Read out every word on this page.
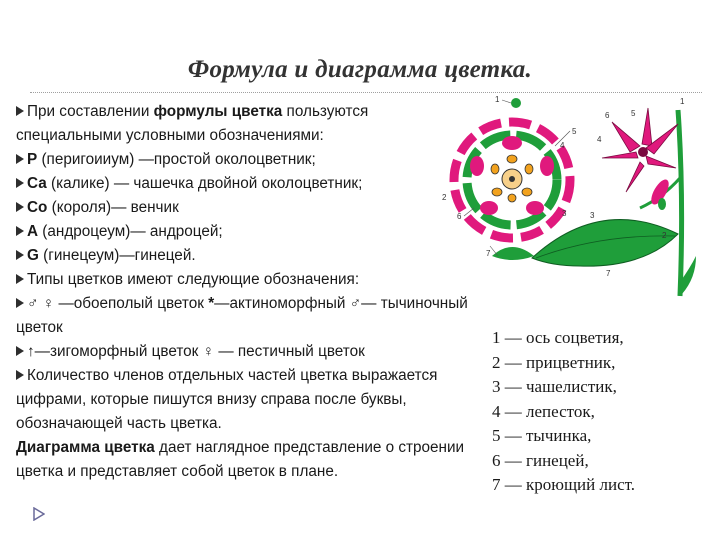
Формула и диаграмма цветка.

При составлении формулы цветка пользуются специальными условными обозначениями:

P (перигоииум) —простой околоцветник;

Са (калике) — чашечка двойной околоцветник;

Со (короля)— венчик

A (андроцеум)— андроцей;

G (гинецеум)—гинецей.

Типы цветков имеют следующие обозначения:

♂ ♀ —обоеполый цветок *—актиноморфный ♂— тычиночный цветок

↑—зигоморфный цветок ♀ — пестичный цветок

Количество членов отдельных частей цветка выражается цифрами, которые пишутся внизу справа после буквы, обозначающей часть цветка.

Диаграмма цветка дает наглядное представление о строении цветка и представляет собой цветок в плане.

1
5
4
2
6	3
7
6	5
1
4
3
2
7
1 — ось соцветия,
2 — прицветник,
3 — чашелистик,
4 — лепесток,
5 — тычинка,
6 — гинецей,
7 — кроющий лист.
